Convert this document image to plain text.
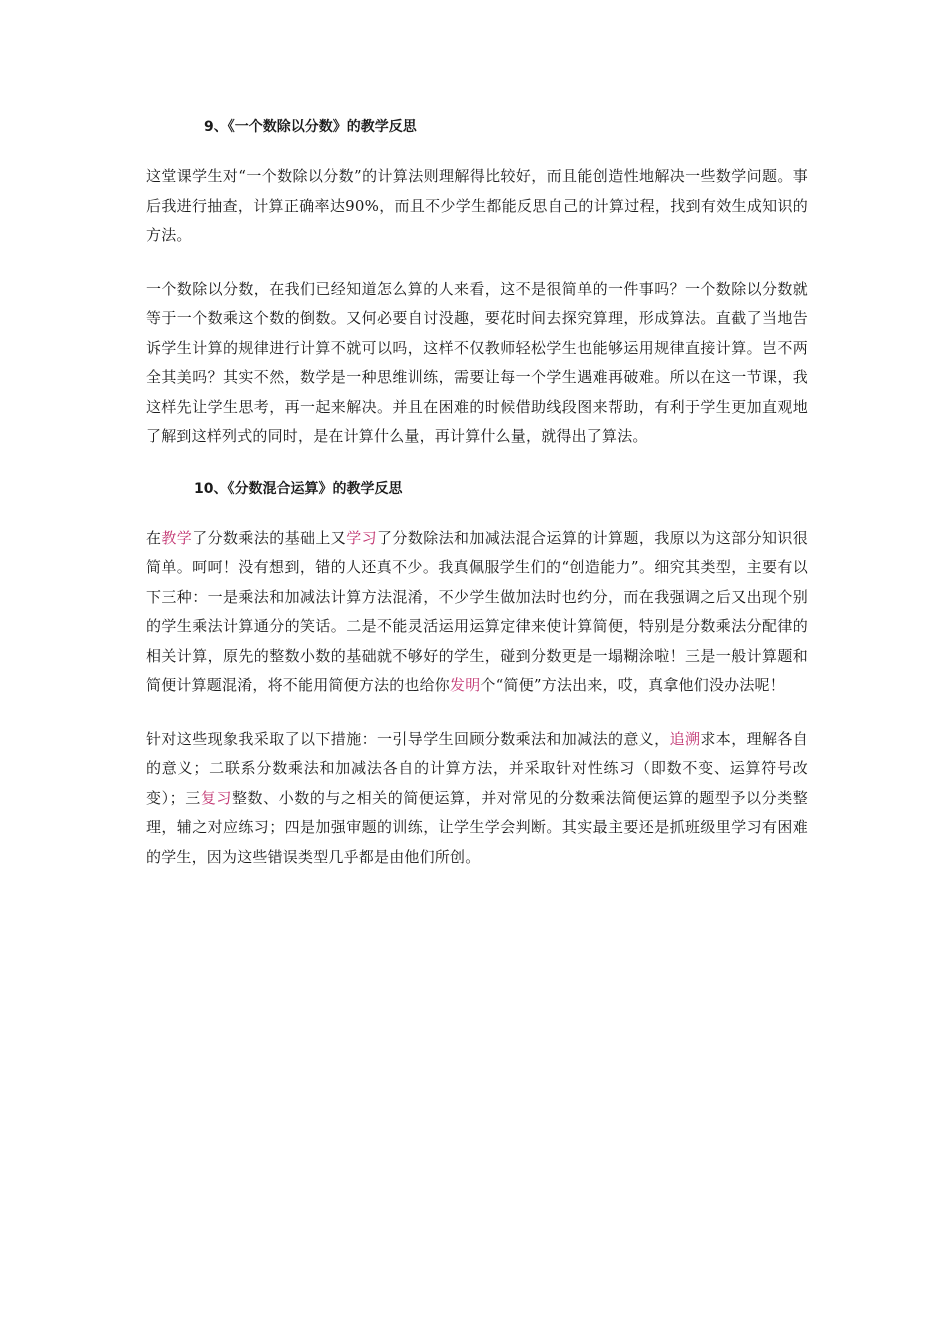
9、《一个数除以分数》的教学反思

这堂课学生对“一个数除以分数”的计算法则理解得比较好，而且能创造性地解决一些数学问题。事后我进行抽查，计算正确率达90%，而且不少学生都能反思自己的计算过程，找到有效生成知识的方法。

一个数除以分数，在我们已经知道怎么算的人来看，这不是很简单的一件事吗？一个数除以分数就等于一个数乘这个数的倒数。又何必要自讨没趣，要花时间去探究算理，形成算法。直截了当地告诉学生计算的规律进行计算不就可以吗，这样不仅教师轻松学生也能够运用规律直接计算。岂不两全其美吗？其实不然，数学是一种思维训练，需要让每一个学生遇难再破难。所以在这一节课，我这样先让学生思考，再一起来解决。并且在困难的时候借助线段图来帮助，有利于学生更加直观地了解到这样列式的同时，是在计算什么量，再计算什么量，就得出了算法。

10、《分数混合运算》的教学反思

在教学了分数乘法的基础上又学习了分数除法和加减法混合运算的计算题，我原以为这部分知识很简单。呵呵！没有想到，错的人还真不少。我真佩服学生们的“创造能力”。细究其类型，主要有以下三种：一是乘法和加减法计算方法混淆，不少学生做加法时也约分，而在我强调之后又出现个别的学生乘法计算通分的笑话。二是不能灵活运用运算定律来使计算简便，特别是分数乘法分配律的相关计算，原先的整数小数的基础就不够好的学生，碰到分数更是一塌糊涂啦！三是一般计算题和简便计算题混淆，将不能用简便方法的也给你发明个“简便”方法出来，哎，真拿他们没办法呢！

针对这些现象我采取了以下措施：一引导学生回顾分数乘法和加减法的意义，追溯求本，理解各自的意义；二联系分数乘法和加减法各自的计算方法，并采取针对性练习（即数不变、运算符号改变）；三复习整数、小数的与之相关的简便运算，并对常见的分数乘法简便运算的题型予以分类整理，辅之对应练习；四是加强审题的训练，让学生学会判断。其实最主要还是抓班级里学习有困难的学生，因为这些错误类型几乎都是由他们所创。
